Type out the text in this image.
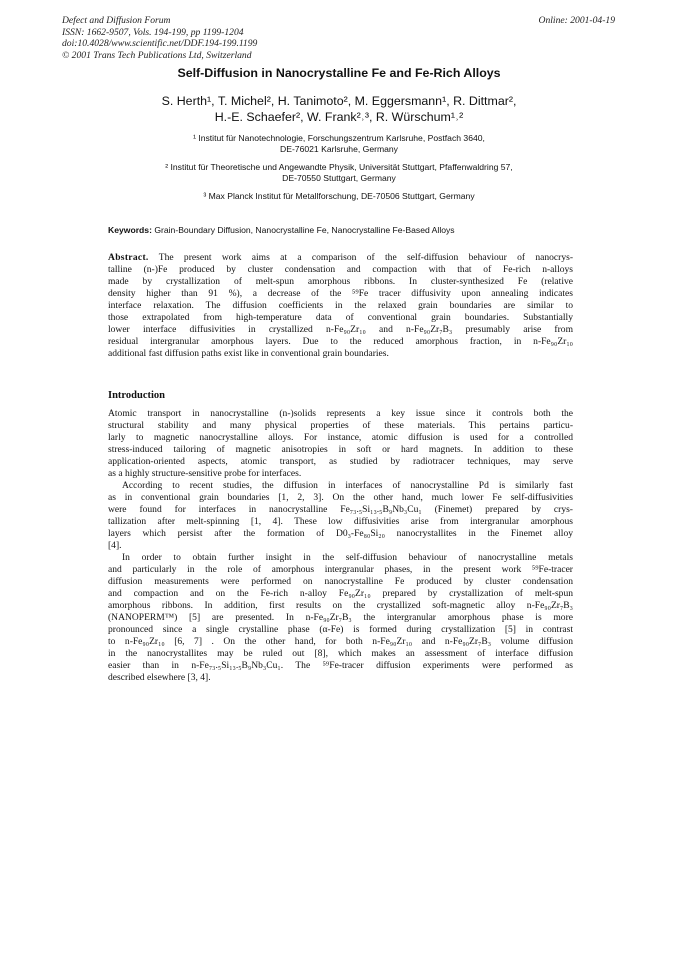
Defect and Diffusion Forum
ISSN: 1662-9507, Vols. 194-199, pp 1199-1204
doi:10.4028/www.scientific.net/DDF.194-199.1199
© 2001 Trans Tech Publications Ltd, Switzerland
Online: 2001-04-19
Self-Diffusion in Nanocrystalline Fe and Fe-Rich Alloys
S. Herth¹, T. Michel², H. Tanimoto², M. Eggersmann¹, R. Dittmar²,
H.-E. Schaefer², W. Frank²˒³, R. Würschum¹˒²
¹ Institut für Nanotechnologie, Forschungszentrum Karlsruhe, Postfach 3640,
DE-76021 Karlsruhe, Germany
² Institut für Theoretische und Angewandte Physik, Universität Stuttgart, Pfaffenwaldring 57,
DE-70550 Stuttgart, Germany
³ Max Planck Institut für Metallforschung, DE-70506 Stuttgart, Germany
Keywords: Grain-Boundary Diffusion, Nanocrystalline Fe, Nanocrystalline Fe-Based Alloys
Abstract. The present work aims at a comparison of the self-diffusion behaviour of nanocrys-
talline (n-)Fe produced by cluster condensation and compaction with that of Fe-rich n-alloys
made by crystallization of melt-spun amorphous ribbons. In cluster-synthesized Fe (relative
density higher than 91 %), a decrease of the ⁵⁹Fe tracer diffusivity upon annealing indicates
interface relaxation. The diffusion coefficients in the relaxed grain boundaries are similar to
those extrapolated from high-temperature data of conventional grain boundaries. Substantially
lower interface diffusivities in crystallized n-Fe₉₀Zr₁₀ and n-Fe₉₀Zr₇B₃ presumably arise from
residual intergranular amorphous layers. Due to the reduced amorphous fraction, in n-Fe₉₀Zr₁₀
additional fast diffusion paths exist like in conventional grain boundaries.
Introduction
Atomic transport in nanocrystalline (n-)solids represents a key issue since it controls both the
structural stability and many physical properties of these materials. This pertains particu-
larly to magnetic nanocrystalline alloys. For instance, atomic diffusion is used for a controlled
stress-induced tailoring of magnetic anisotropies in soft or hard magnets. In addition to these
application-oriented aspects, atomic transport, as studied by radiotracer techniques, may serve
as a highly structure-sensitive probe for interfaces.
According to recent studies, the diffusion in interfaces of nanocrystalline Pd is similarly fast
as in conventional grain boundaries [1, 2, 3]. On the other hand, much lower Fe self-diffusivities
were found for interfaces in nanocrystalline Fe₇₃.₅Si₁₃.₅B₉Nb₃Cu₁ (Finemet) prepared by crys-
tallization after melt-spinning [1, 4]. These low diffusivities arise from intergranular amorphous
layers which persist after the formation of D0₃-Fe₈₀Si₂₀ nanocrystallites in the Finemet alloy
[4].
In order to obtain further insight in the self-diffusion behaviour of nanocrystalline metals
and particularly in the role of amorphous intergranular phases, in the present work ⁵⁹Fe-tracer
diffusion measurements were performed on nanocrystalline Fe produced by cluster condensation
and compaction and on the Fe-rich n-alloy Fe₉₀Zr₁₀ prepared by crystallization of melt-spun
amorphous ribbons. In addition, first results on the crystallized soft-magnetic alloy n-Fe₉₀Zr₇B₃
(NANOPERM™) [5] are presented. In n-Fe₉₀Zr₇B₃ the intergranular amorphous phase is more
pronounced since a single crystalline phase (α-Fe) is formed during crystallization [5] in contrast
to n-Fe₉₀Zr₁₀ [6, 7] . On the other hand, for both n-Fe₉₀Zr₁₀ and n-Fe₉₀Zr₇B₃ volume diffusion
in the nanocrystallites may be ruled out [8], which makes an assessment of interface diffusion
easier than in n-Fe₇₃.₅Si₁₃.₅B₉Nb₃Cu₁. The ⁵⁹Fe-tracer diffusion experiments were performed as
described elsewhere [3, 4].
